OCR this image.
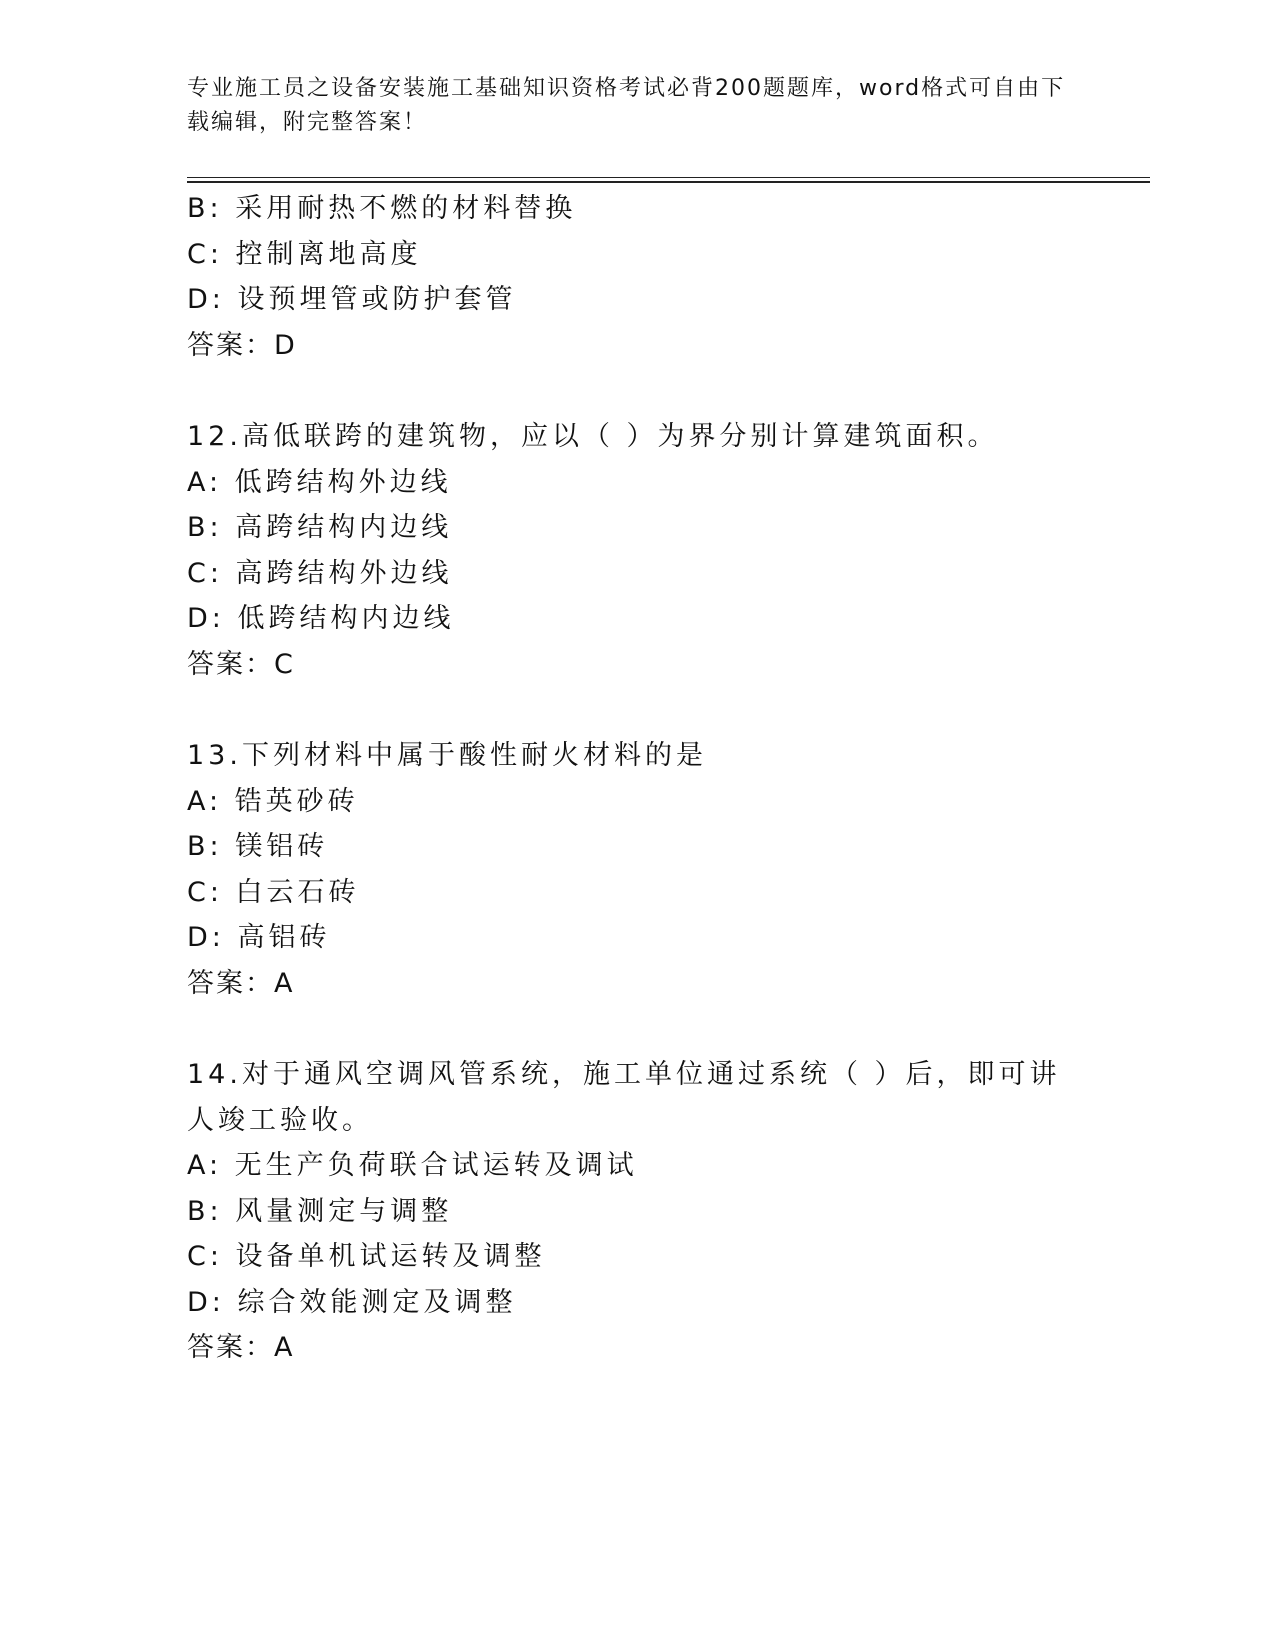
专业施工员之设备安装施工基础知识资格考试必背200题题库，word格式可自由下载编辑，附完整答案！
B: 采用耐热不燃的材料替换
C: 控制离地高度
D: 设预埋管或防护套管
答案：D
12.高低联跨的建筑物，应以（ ）为界分别计算建筑面积。
A: 低跨结构外边线
B: 高跨结构内边线
C: 高跨结构外边线
D: 低跨结构内边线
答案：C
13.下列材料中属于酸性耐火材料的是
A: 锆英砂砖
B: 镁铝砖
C: 白云石砖
D: 高铝砖
答案：A
14.对于通风空调风管系统，施工单位通过系统（ ）后，即可讲人竣工验收。
A: 无生产负荷联合试运转及调试
B: 风量测定与调整
C: 设备单机试运转及调整
D: 综合效能测定及调整
答案：A
